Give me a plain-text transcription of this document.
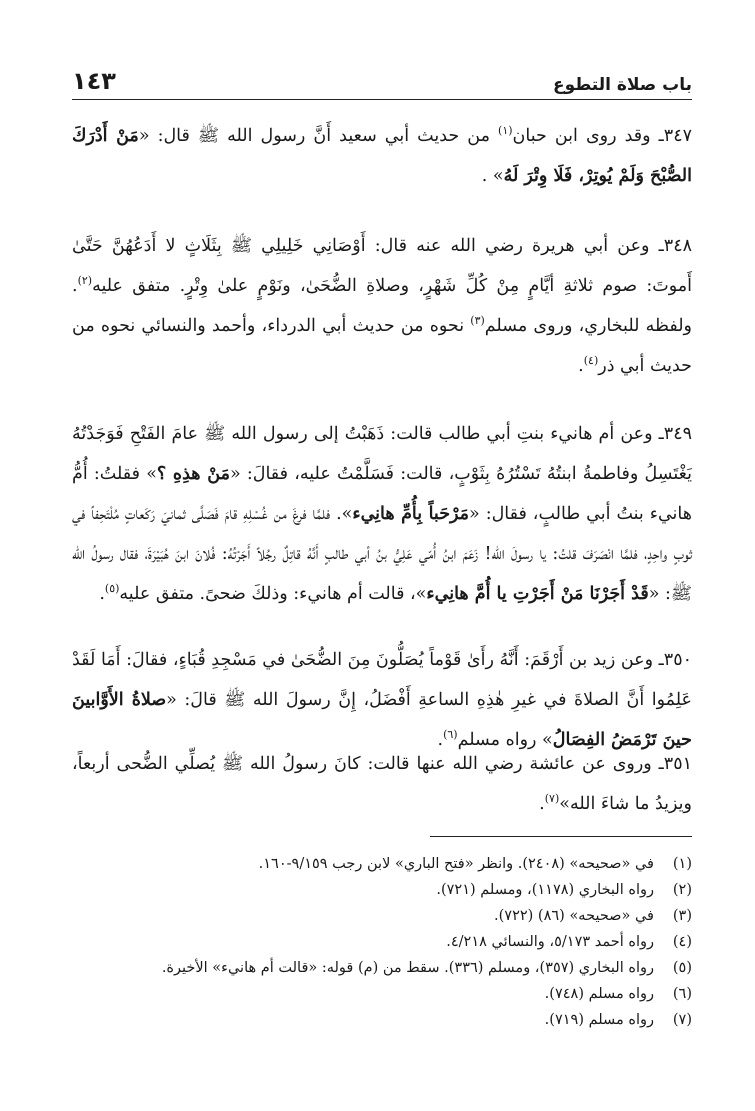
باب صلاة التطوع
١٤٣

٣٤٧ـ وقد روى ابن حبان$^{(١)}$ من حديث أبي سعيد أَنَّ رسول الله ﷺ قال: «مَنْ أَدْرَكَ الصُّبْحَ وَلَمْ يُوتِرْ، فَلَا وِتْرَ لَهُ» .

٣٤٨ـ وعن أبي هريرة رضي الله عنه قال: أَوْصَانِي خَلِيلِي ﷺ بِثَلَاثٍ لا أَدَعُهُنَّ حَتَّىٰ أَموتَ: صوم ثلاثةِ أيَّامٍ مِنْ كُلِّ شَهْرٍ، وصلاةِ الضُّحَىٰ، ونَوْمٍ علىٰ وِتْرٍ. متفق عليه$^{(٢)}$. ولفظه للبخاري، وروى مسلم$^{(٣)}$ نحوه من حديث أبي الدرداء، وأحمد والنسائي نحوه من حديث أبي ذر$^{(٤)}$.

٣٤٩ـ وعن أم هانيء بنتِ أبي طالب قالت: ذَهَبْتُ إلى رسول الله ﷺ عامَ الفَتْحِ فَوَجَدْتُهُ يَغْتَسِلُ وفاطمةُ ابنتُهُ تَسْتُرُهُ بِثَوْبٍ، قالت: فَسَلَّمْتُ عليه، فقالَ: «مَنْ هذِهِ ؟» فقلتُ: أُمُّ هانيء بنتُ أبي طالبٍ، فقال: «مَرْحَباً بِأُمِّ هانِيء». فلمَّا فرغَ من غُسْلِهِ قامَ فَصَلَّى ثمانيَ رَكَعاتٍ مُلْتَحِفاً في ثوبٍ واحِدٍ، فلمَّا انْصَرَفَ قلتُ: يا رسولَ الله! زَعَمَ ابنُ أُمّي عَلِيُّ بنُ أبي طالبٍ أَنَّهُ قاتِلٌ رجُلاً أَجَرْتُهُ: فُلانَ ابنَ هُبَيْرَةَ، فقال رسولُ الله ﷺ: «قَدْ أَجَرْنَا مَنْ أَجَرْتِ يا أُمَّ هانِيء»، قالت أم هانيء: وذلكَ ضحىً. متفق عليه$^{(٥)}$.

٣٥٠ـ وعن زيد بن أَرْقَمَ: أَنَّهُ رأَىٰ قَوْماً يُصَلُّونَ مِنَ الضُّحَىٰ في مَسْجِدِ قُبَاءٍ، فقالَ: أَمَا لَقَدْ عَلِمُوا أَنَّ الصلاةَ في غيرِ هٰذِهِ الساعةِ أَفْضَلُ، إِنَّ رسولَ الله ﷺ قالَ: «صلاةُ الأَوَّابينَ حينَ تَرْمَضُ الفِصَالُ» رواه مسلم$^{(٦)}$.

٣٥١ـ وروى عن عائشة رضي الله عنها قالت: كانَ رسولُ الله ﷺ يُصلِّي الضُّحى أربعاً، ويزيدُ ما شاءَ الله»$^{(٧)}$.

(١)
في «صحيحه» (٢٤٠٨). وانظر «فتح الباري» لابن رجب ٩/١٥٩-١٦٠.
(٢)
رواه البخاري (١١٧٨)، ومسلم (٧٢١).
(٣)
في «صحيحه» (٨٦) (٧٢٢).
(٤)
رواه أحمد ٥/١٧٣، والنسائي ٤/٢١٨.
(٥)
رواه البخاري (٣٥٧)، ومسلم (٣٣٦). سقط من (م) قوله: «قالت أم هانيء» الأخيرة.
(٦)
رواه مسلم (٧٤٨).
(٧)
رواه مسلم (٧١٩).
